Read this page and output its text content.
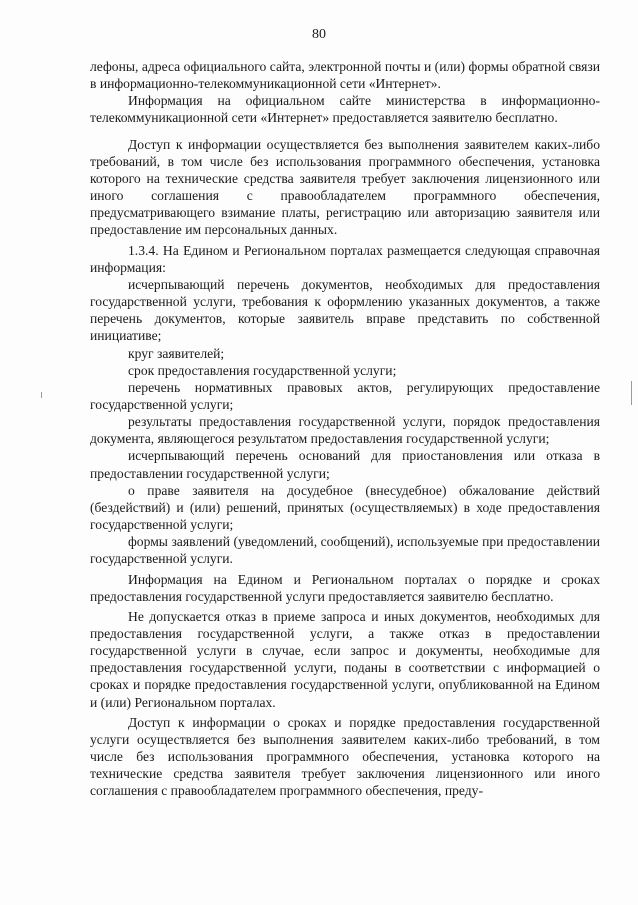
80

лефоны, адреса официального сайта, электронной почты и (или) формы обратной связи в информационно-телекоммуникационной сети «Интернет».

Информация на официальном сайте министерства в информационно-телекоммуникационной сети «Интернет» предоставляется заявителю бесплатно.

Доступ к информации осуществляется без выполнения заявителем каких-либо требований, в том числе без использования программного обеспечения, установка которого на технические средства заявителя требует заключения лицензионного или иного соглашения с правообладателем программного обеспечения, предусматривающего взимание платы, регистрацию или авторизацию заявителя или предоставление им персональных данных.

1.3.4. На Едином и Региональном порталах размещается следующая справочная информация:

исчерпывающий перечень документов, необходимых для предоставления государственной услуги, требования к оформлению указанных документов, а также перечень документов, которые заявитель вправе представить по собственной инициативе;

круг заявителей;

срок предоставления государственной услуги;

перечень нормативных правовых актов, регулирующих предоставление государственной услуги;

результаты предоставления государственной услуги, порядок предоставления документа, являющегося результатом предоставления государственной услуги;

исчерпывающий перечень оснований для приостановления или отказа в предоставлении государственной услуги;

о праве заявителя на досудебное (внесудебное) обжалование действий (бездействий) и (или) решений, принятых (осуществляемых) в ходе предоставления государственной услуги;

формы заявлений (уведомлений, сообщений), используемые при предоставлении государственной услуги.

Информация на Едином и Региональном порталах о порядке и сроках предоставления государственной услуги предоставляется заявителю бесплатно.

Не допускается отказ в приеме запроса и иных документов, необходимых для предоставления государственной услуги, а также отказ в предоставлении государственной услуги в случае, если запрос и документы, необходимые для предоставления государственной услуги, поданы в соответствии с информацией о сроках и порядке предоставления государственной услуги, опубликованной на Едином и (или) Региональном порталах.

Доступ к информации о сроках и порядке предоставления государственной услуги осуществляется без выполнения заявителем каких-либо требований, в том числе без использования программного обеспечения, установка которого на технические средства заявителя требует заключения лицензионного или иного соглашения с правообладателем программного обеспечения, преду-
